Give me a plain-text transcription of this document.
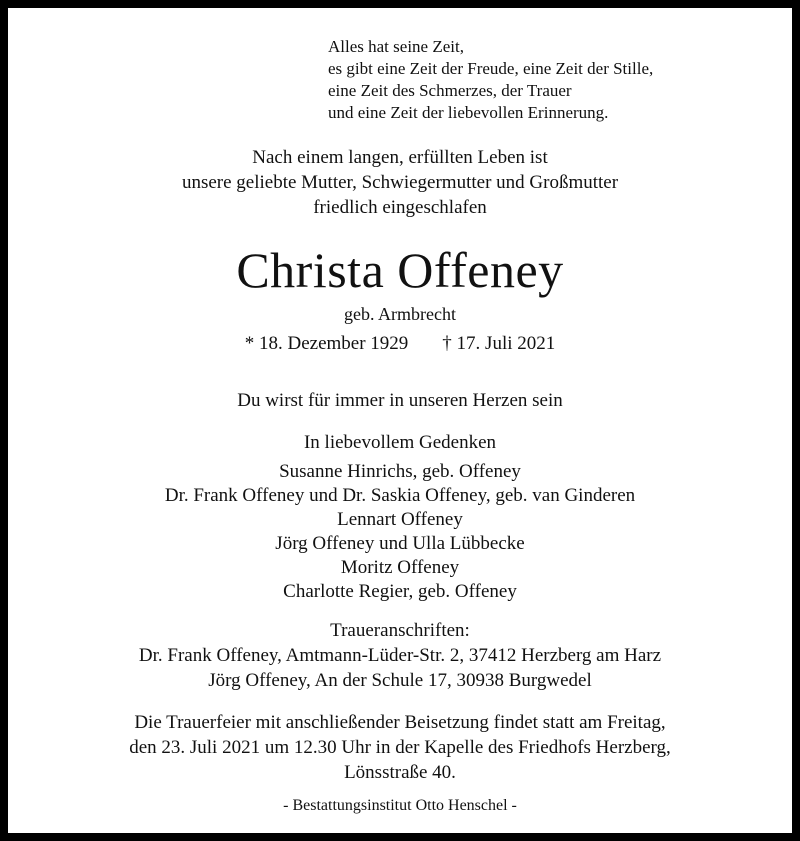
Alles hat seine Zeit,
es gibt eine Zeit der Freude, eine Zeit der Stille,
eine Zeit des Schmerzes, der Trauer
und eine Zeit der liebevollen Erinnerung.
Nach einem langen, erfüllten Leben ist
unsere geliebte Mutter, Schwiegermutter und Großmutter
friedlich eingeschlafen
Christa Offeney
geb. Armbrecht
* 18. Dezember 1929 † 17. Juli 2021
Du wirst für immer in unseren Herzen sein
In liebevollem Gedenken
Susanne Hinrichs, geb. Offeney
Dr. Frank Offeney und Dr. Saskia Offeney, geb. van Ginderen
Lennart Offeney
Jörg Offeney und Ulla Lübbecke
Moritz Offeney
Charlotte Regier, geb. Offeney
Traueranschriften:
Dr. Frank Offeney, Amtmann-Lüder-Str. 2, 37412 Herzberg am Harz
Jörg Offeney, An der Schule 17, 30938 Burgwedel
Die Trauerfeier mit anschließender Beisetzung findet statt am Freitag,
den 23. Juli 2021 um 12.30 Uhr in der Kapelle des Friedhofs Herzberg,
Lönsstraße 40.
- Bestattungsinstitut Otto Henschel -
